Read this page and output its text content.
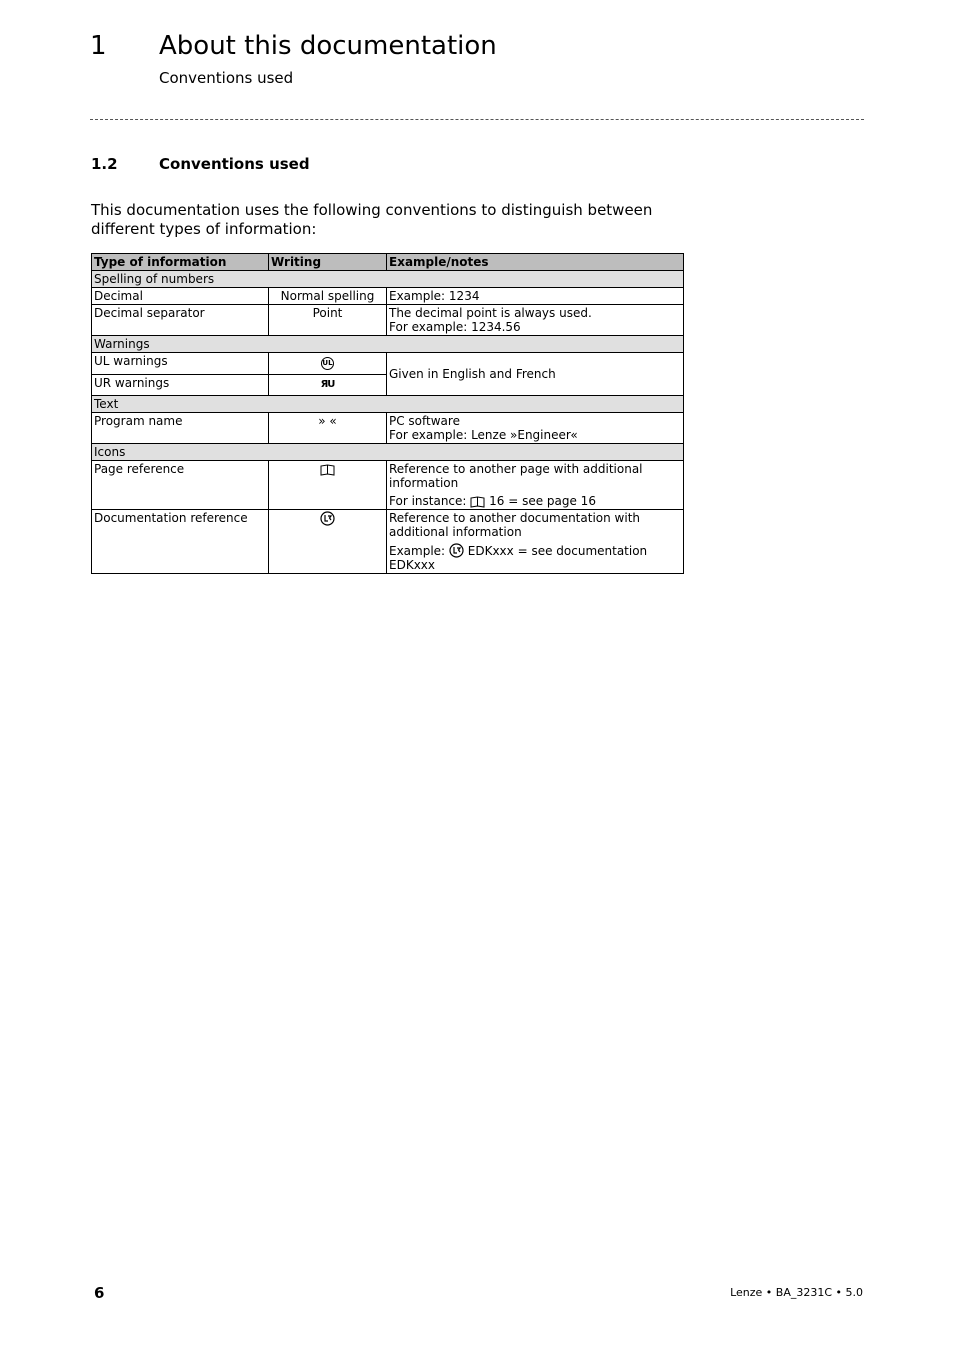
1 About this documentation
Conventions used
1.2	Conventions used
This documentation uses the following conventions to distinguish between different types of information:
Type of information	Writing	Example/notes
Spelling of numbers		
Decimal	Normal spelling	Example: 1234
Decimal separator	Point	The decimal point is always used.
For example: 1234.56

Warnings		
UL warnings	UL	Given in English and French
UR warnings	ЯU	
Text		
Program name	» «	PC software
For example: Lenze »Engineer«

Icons		
Page reference		Reference to another page with additional information
For instance: 16 = see page 16

Documentation reference		Reference to another documentation with additional information
Example: EDKxxx = see documentation EDKxxx
6	Lenze • BA_3231C • 5.0
